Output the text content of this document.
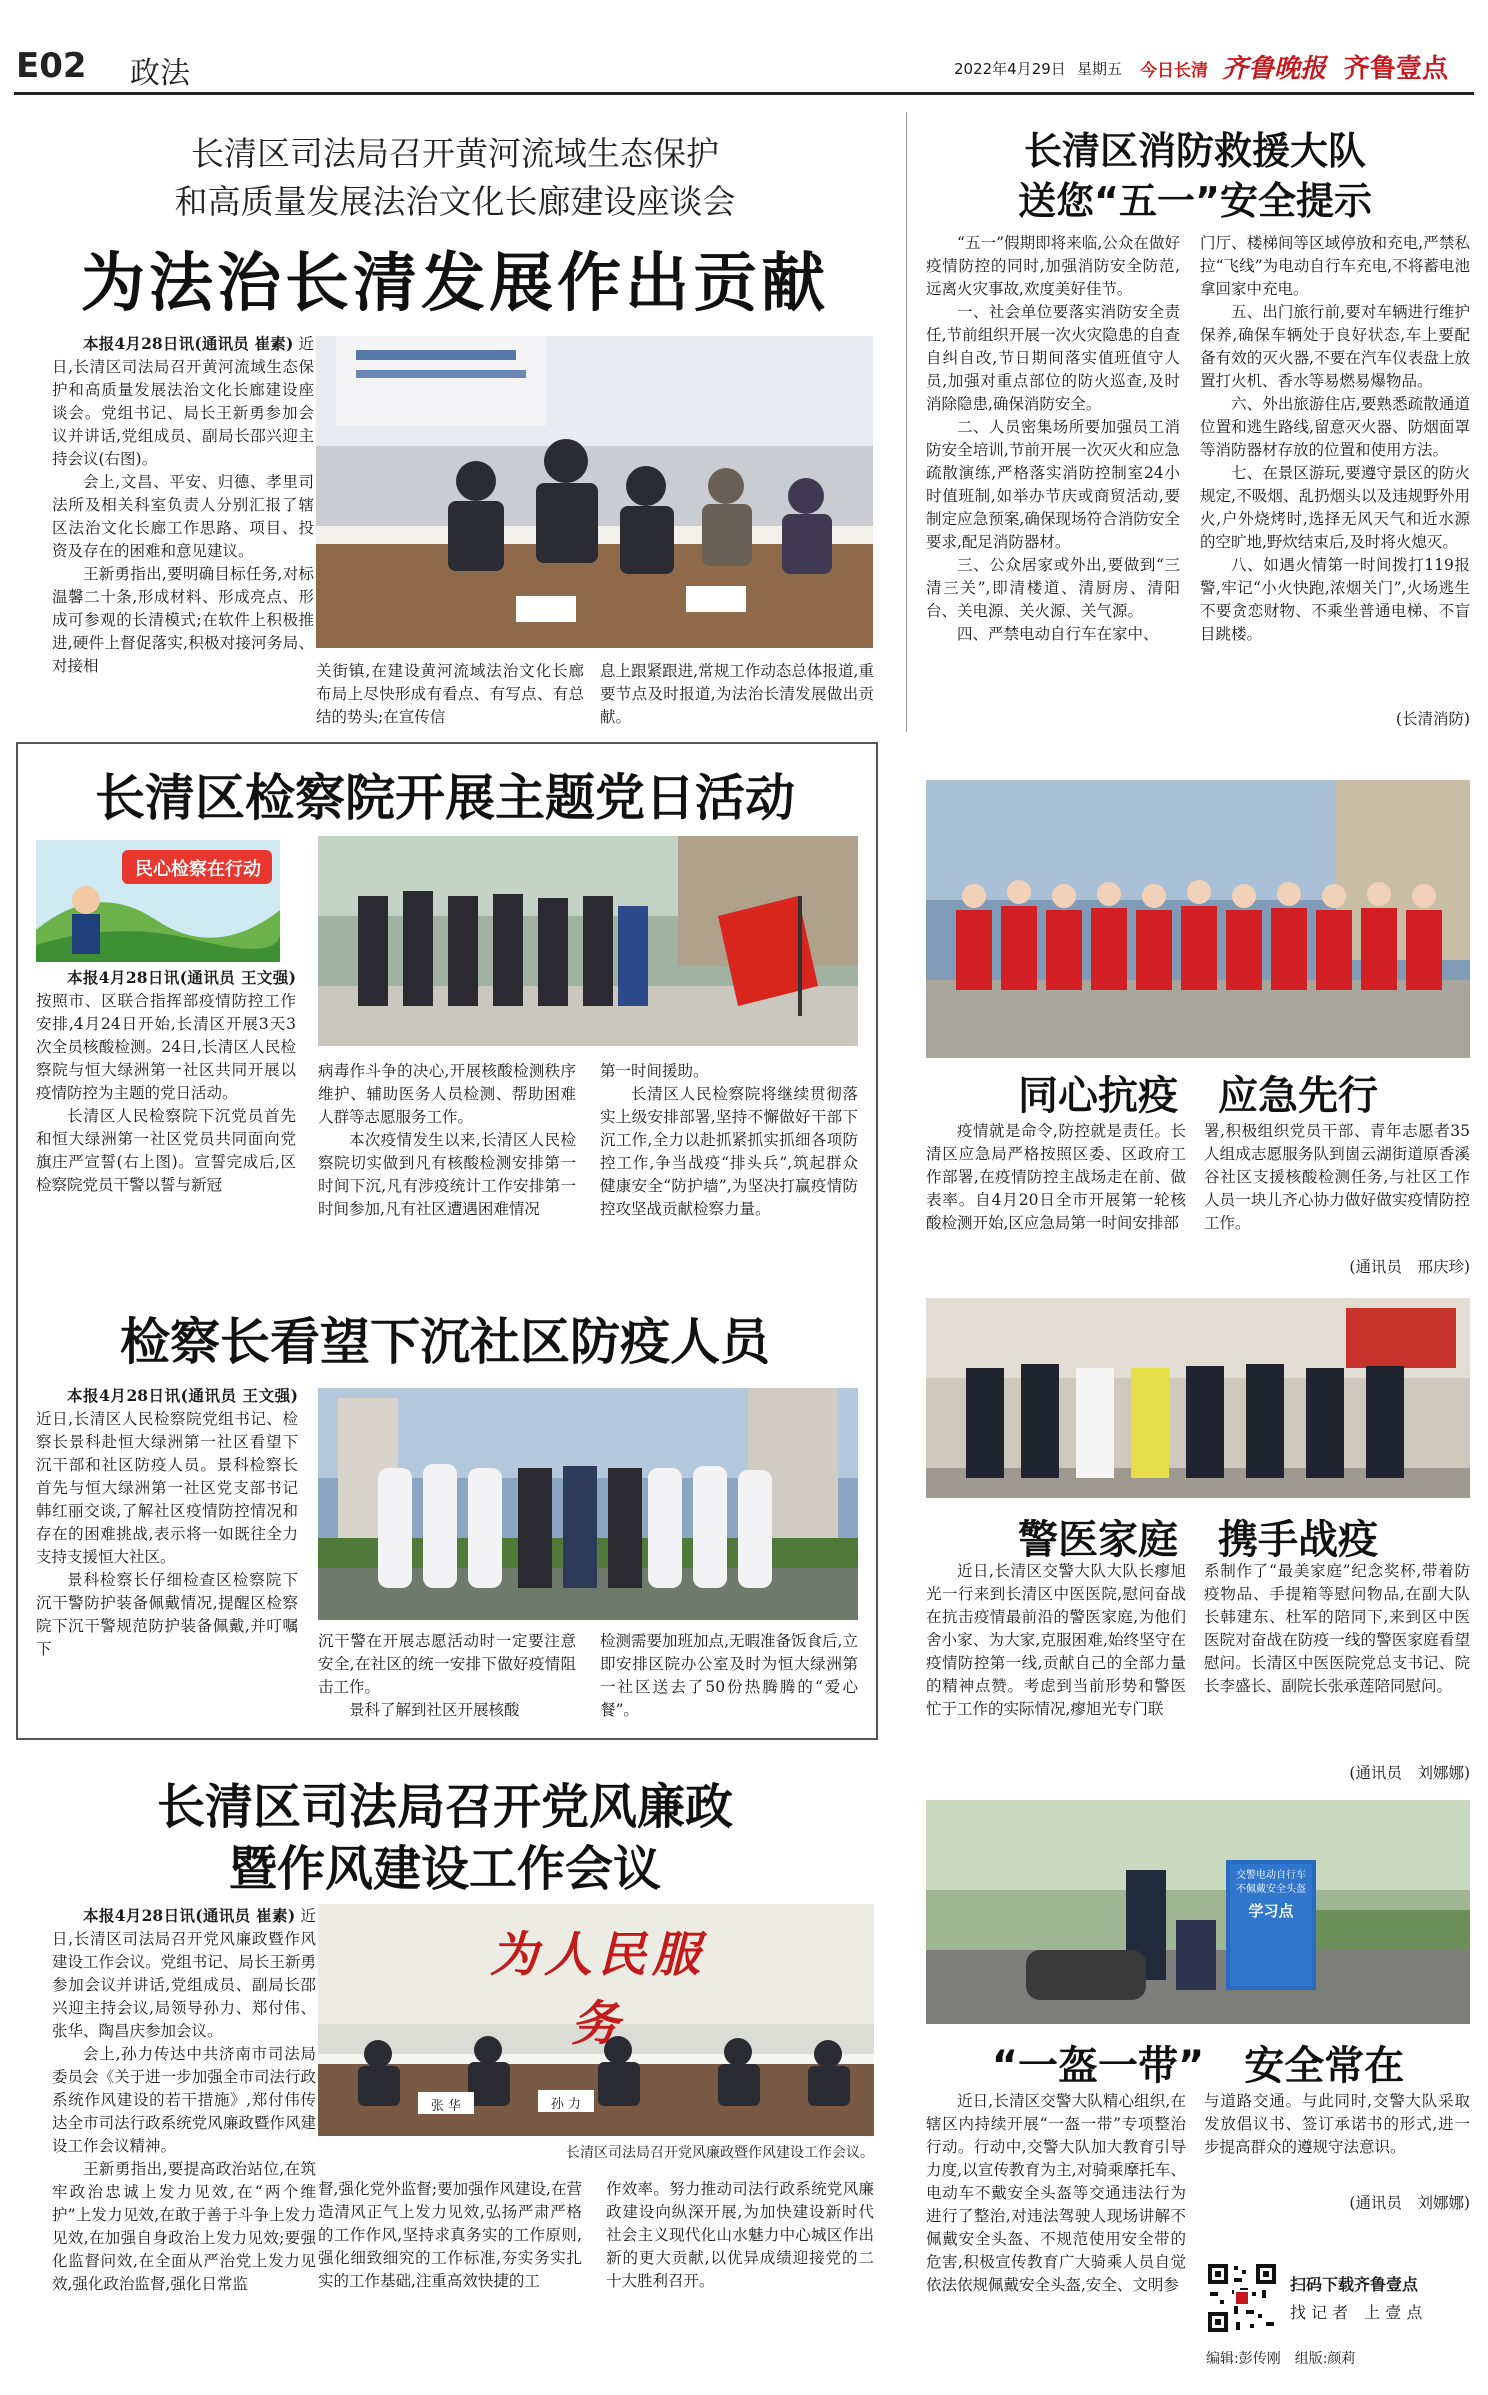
E02 政法	2022年4月29日 星期五 今日长清 齐鲁晚报 齐鲁壹点
长清区司法局召开黄河流域生态保护
和高质量发展法治文化长廊建设座谈会
为法治长清发展作出贡献

本报4月28日讯(通讯员 崔素) 近日,长清区司法局召开黄河流域生态保护和高质量发展法治文化长廊建设座谈会。党组书记、局长王新勇参加会议并讲话,党组成员、副局长邵兴迎主持会议(右图)。

会上,文昌、平安、归德、孝里司法所及相关科室负责人分别汇报了辖区法治文化长廊工作思路、项目、投资及存在的困难和意见建议。

王新勇指出,要明确目标任务,对标温馨二十条,形成材料、形成亮点、形成可参观的长清模式;在软件上积极推进,硬件上督促落实,积极对接河务局、对接相	关街镇,在建设黄河流域法治文化长廊布局上尽快形成有看点、有写点、有总结的势头;在宣传信
息上跟紧跟进,常规工作动态总体报道,重要节点及时报道,为法治长清发展做出贡献。
长清区消防救援大队
送您“五一”安全提示

“五一”假期即将来临,公众在做好疫情防控的同时,加强消防安全防范,远离火灾事故,欢度美好佳节。

一、社会单位要落实消防安全责任,节前组织开展一次火灾隐患的自查自纠自改,节日期间落实值班值守人员,加强对重点部位的防火巡查,及时消除隐患,确保消防安全。

二、人员密集场所要加强员工消防安全培训,节前开展一次灭火和应急疏散演练,严格落实消防控制室24小时值班制,如举办节庆或商贸活动,要制定应急预案,确保现场符合消防安全要求,配足消防器材。

三、公众居家或外出,要做到“三清三关”,即清楼道、清厨房、清阳台、关电源、关火源、关气源。

四、严禁电动自行车在家中、

门厅、楼梯间等区域停放和充电,严禁私拉“飞线”为电动自行车充电,不将蓄电池拿回家中充电。

五、出门旅行前,要对车辆进行维护保养,确保车辆处于良好状态,车上要配备有效的灭火器,不要在汽车仪表盘上放置打火机、香水等易燃易爆物品。

六、外出旅游住店,要熟悉疏散通道位置和逃生路线,留意灭火器、防烟面罩等消防器材存放的位置和使用方法。

七、在景区游玩,要遵守景区的防火规定,不吸烟、乱扔烟头以及违规野外用火,户外烧烤时,选择无风天气和近水源的空旷地,野炊结束后,及时将火熄灭。

八、如遇火情第一时间拨打119报警,牢记“小火快跑,浓烟关门”,火场逃生不要贪恋财物、不乘坐普通电梯、不盲目跳楼。

(长清消防)
长清区检察院开展主题党日活动
民心检察在行动

本报4月28日讯(通讯员 王文强) 按照市、区联合指挥部疫情防控工作安排,4月24日开始,长清区开展3天3次全员核酸检测。24日,长清区人民检察院与恒大绿洲第一社区共同开展以疫情防控为主题的党日活动。

长清区人民检察院下沉党员首先和恒大绿洲第一社区党员共同面向党旗庄严宣誓(右上图)。宣誓完成后,区检察院党员干警以誓与新冠

病毒作斗争的决心,开展核酸检测秩序维护、辅助医务人员检测、帮助困难人群等志愿服务工作。

本次疫情发生以来,长清区人民检察院切实做到凡有核酸检测安排第一时间下沉,凡有涉疫统计工作安排第一时间参加,凡有社区遭遇困难情况

第一时间援助。

长清区人民检察院将继续贯彻落实上级安排部署,坚持不懈做好干部下沉工作,全力以赴抓紧抓实抓细各项防控工作,争当战疫“排头兵”,筑起群众健康安全“防护墙”,为坚决打赢疫情防控攻坚战贡献检察力量。

检察长看望下沉社区防疫人员

本报4月28日讯(通讯员 王文强) 近日,长清区人民检察院党组书记、检察长景科赴恒大绿洲第一社区看望下沉干部和社区防疫人员。景科检察长首先与恒大绿洲第一社区党支部书记韩红丽交谈,了解社区疫情防控情况和存在的困难挑战,表示将一如既往全力支持支援恒大社区。

景科检察长仔细检查区检察院下沉干警防护装备佩戴情况,提醒区检察院下沉干警规范防护装备佩戴,并叮嘱下	沉干警在开展志愿活动时一定要注意安全,在社区的统一安排下做好疫情阻击工作。

景科了解到社区开展核酸

检测需要加班加点,无暇准备饭食后,立即安排区院办公室及时为恒大绿洲第一社区送去了50份热腾腾的“爱心餐”。
长清区司法局召开党风廉政
暨作风建设工作会议

本报4月28日讯(通讯员 崔素) 近日,长清区司法局召开党风廉政暨作风建设工作会议。党组书记、局长王新勇参加会议并讲话,党组成员、副局长邵兴迎主持会议,局领导孙力、郑付伟、张华、陶昌庆参加会议。

会上,孙力传达中共济南市司法局委员会《关于进一步加强全市司法行政系统作风建设的若干措施》,郑付伟传达全市司法行政系统党风廉政暨作风建设工作会议精神。

王新勇指出,要提高政治站位,在筑牢政治忠诚上发力见效,在“两个维护”上发力见效,在敢于善于斗争上发力见效,在加强自身政治上发力见效;要强化监督问效,在全面从严治党上发力见效,强化政治监督,强化日常监

为人民服务
张 华	孙 力
长清区司法局召开党风廉政暨作风建设工作会议。
督,强化党外监督;要加强作风建设,在营造清风正气上发力见效,弘扬严肃严格的工作作风,坚持求真务实的工作原则,强化细致细究的工作标准,夯实务实扎实的工作基础,注重高效快捷的工
作效率。努力推动司法行政系统党风廉政建设向纵深开展,为加快建设新时代社会主义现代化山水魅力中心城区作出新的更大贡献,以优异成绩迎接党的二十大胜利召开。
同心抗疫　应急先行
疫情就是命令,防控就是责任。长清区应急局严格按照区委、区政府工作部署,在疫情防控主战场走在前、做表率。自4月20日全市开展第一轮核酸检测开始,区应急局第一时间安排部
署,积极组织党员干部、青年志愿者35人组成志愿服务队到崮云湖街道原香溪谷社区支援核酸检测任务,与社区工作人员一块儿齐心协力做好做实疫情防控工作。
(通讯员　邢庆珍)
警医家庭　携手战疫
近日,长清区交警大队大队长瘳旭光一行来到长清区中医医院,慰问奋战在抗击疫情最前沿的警医家庭,为他们舍小家、为大家,克服困难,始终坚守在疫情防控第一线,贡献自己的全部力量的精神点赞。考虑到当前形势和警医忙于工作的实际情况,瘳旭光专门联
系制作了“最美家庭”纪念奖杯,带着防疫物品、手提箱等慰问物品,在副大队长韩建东、杜军的陪同下,来到区中医医院对奋战在防疫一线的警医家庭看望慰问。长清区中医医院党总支书记、院长李盛长、副院长张承莲陪同慰问。
(通讯员　刘娜娜)
交警电动自行车
不佩戴安全头盔
学习点
“一盔一带”　安全常在
近日,长清区交警大队精心组织,在辖区内持续开展“一盔一带”专项整治行动。行动中,交警大队加大教育引导力度,以宣传教育为主,对骑乘摩托车、电动车不戴安全头盔等交通违法行为进行了整治,对违法驾驶人现场讲解不佩戴安全头盔、不规范使用安全带的危害,积极宣传教育广大骑乘人员自觉依法依规佩戴安全头盔,安全、文明参
与道路交通。与此同时,交警大队采取发放倡议书、签订承诺书的形式,进一步提高群众的遵规守法意识。
(通讯员　刘娜娜)
扫码下载齐鲁壹点
找 记 者　上 壹 点
编辑:彭传刚　组版:颜莉
